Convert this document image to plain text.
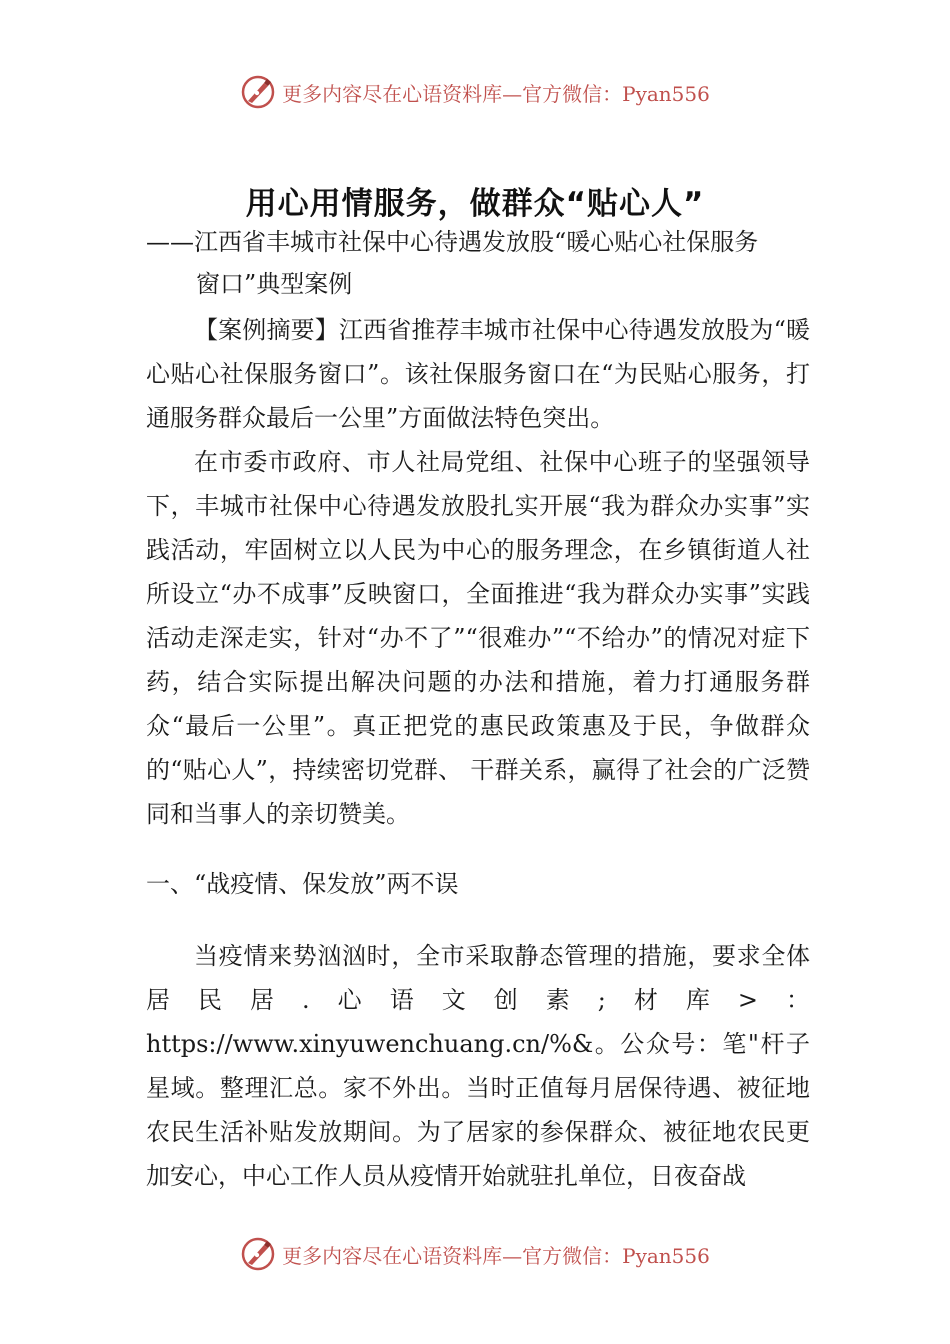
更多内容尽在心语资料库—官方微信：Pyan556
用心用情服务，做群众“贴心人”
——江西省丰城市社保中心待遇发放股“暖心贴心社保服务
窗口”典型案例

【案例摘要】江西省推荐丰城市社保中心待遇发放股为“暖心贴心社保服务窗口”。该社保服务窗口在“为民贴心服务，打通服务群众最后一公里”方面做法特色突出。

在市委市政府、市人社局党组、社保中心班子的坚强领导下，丰城市社保中心待遇发放股扎实开展“我为群众办实事”实践活动，牢固树立以人民为中心的服务理念，在乡镇街道人社所设立“办不成事”反映窗口，全面推进“我为群众办实事”实践活动走深走实，针对“办不了”“很难办”“不给办”的情况对症下药，结合实际提出解决问题的办法和措施，着力打通服务群众“最后一公里”。真正把党的惠民政策惠及于民，争做群众的“贴心人”，持续密切党群、 干群关系，赢得了社会的广泛赞同和当事人的亲切赞美。

一、“战疫情、保发放”两不误

当疫情来势汹汹时，全市采取静态管理的措施，要求全体居民居.心语文创素;材库>：https://www.xinyuwenchuang.cn/%&。公众号：笔"杆子星域。整理汇总。家不外出。当时正值每月居保待遇、被征地农民生活补贴发放期间。为了居家的参保群众、被征地农民更加安心，中心工作人员从疫情开始就驻扎单位，日夜奋战

更多内容尽在心语资料库—官方微信：Pyan556
